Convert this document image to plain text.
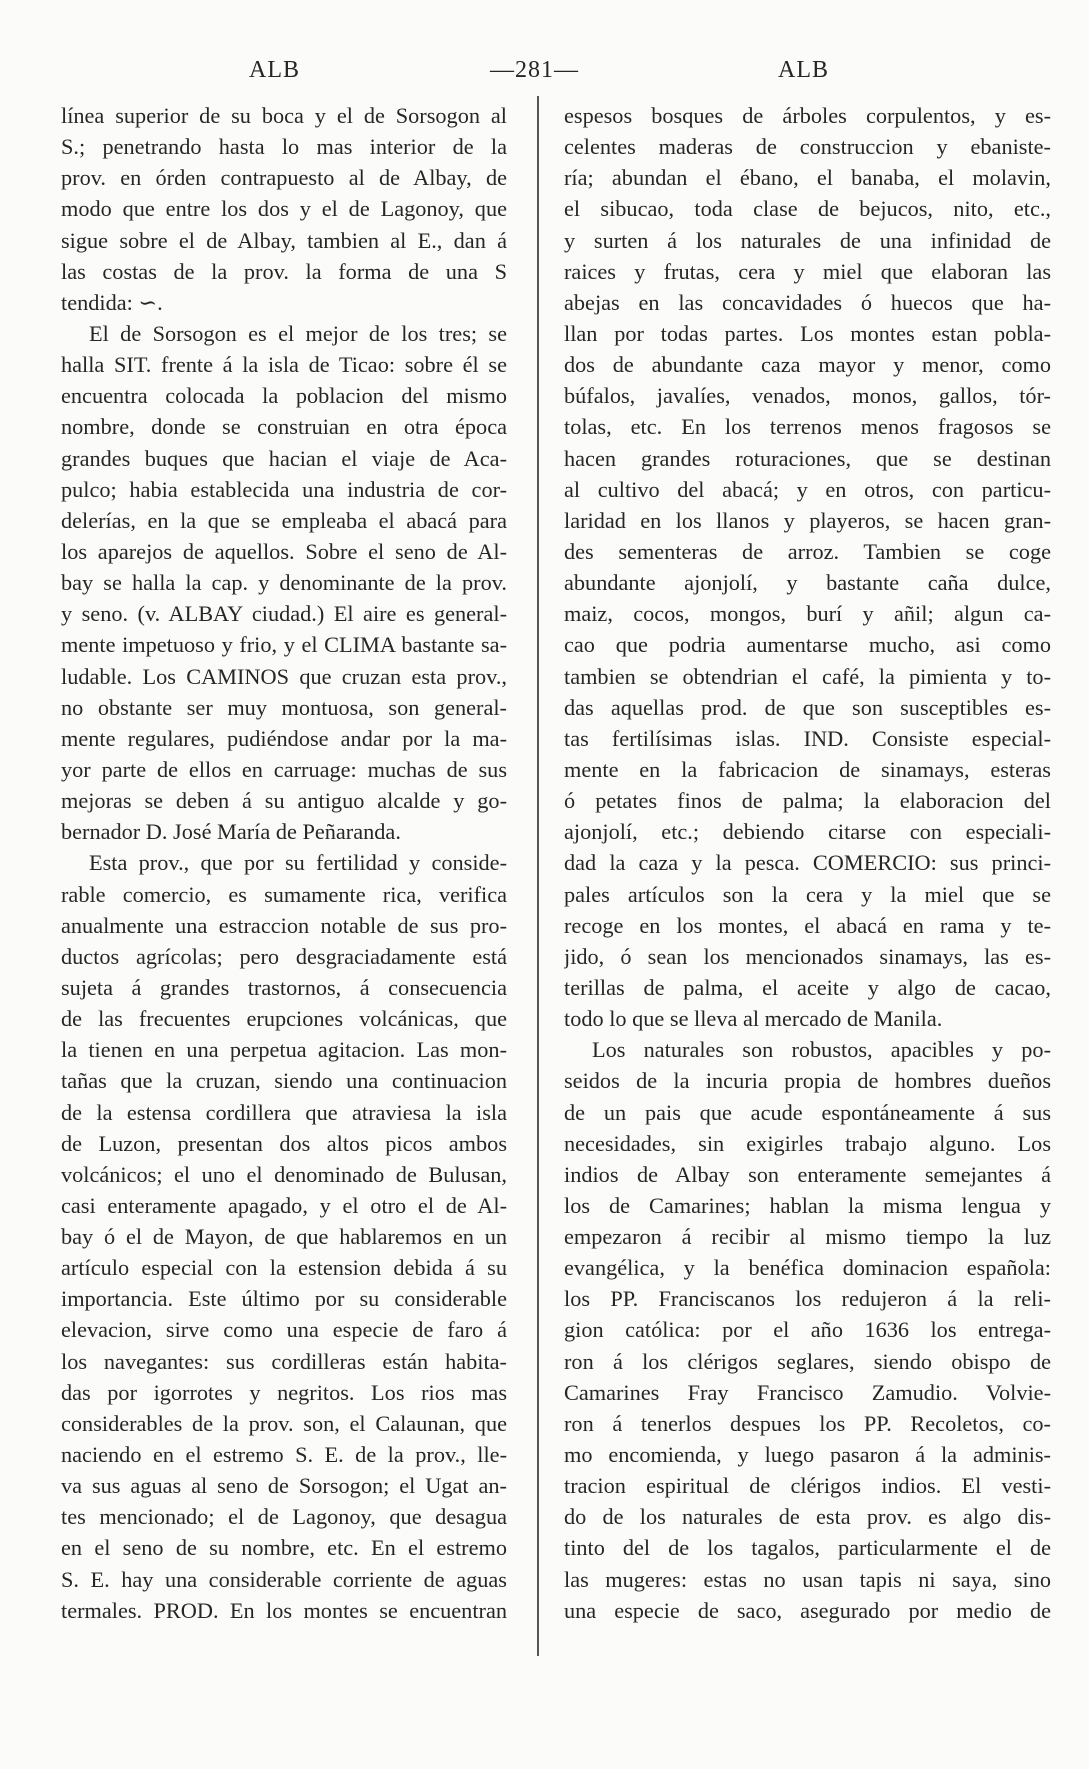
ALB	—281—	ALB
línea superior de su boca y el de Sorsogon al
S.; penetrando hasta lo mas interior de la
prov. en órden contrapuesto al de Albay, de
modo que entre los dos y el de Lagonoy, que
sigue sobre el de Albay, tambien al E., dan á
las costas de la prov. la forma de una S
tendida: ∽.
El de Sorsogon es el mejor de los tres; se
halla SIT. frente á la isla de Ticao: sobre él se
encuentra colocada la poblacion del mismo
nombre, donde se construian en otra época
grandes buques que hacian el viaje de Aca-
pulco; habia establecida una industria de cor-
delerías, en la que se empleaba el abacá para
los aparejos de aquellos. Sobre el seno de Al-
bay se halla la cap. y denominante de la prov.
y seno. (v. ALBAY ciudad.) El aire es general-
mente impetuoso y frio, y el CLIMA bastante sa-
ludable. Los CAMINOS que cruzan esta prov.,
no obstante ser muy montuosa, son general-
mente regulares, pudiéndose andar por la ma-
yor parte de ellos en carruage: muchas de sus
mejoras se deben á su antiguo alcalde y go-
bernador D. José María de Peñaranda.
Esta prov., que por su fertilidad y conside-
rable comercio, es sumamente rica, verifica
anualmente una estraccion notable de sus pro-
ductos agrícolas; pero desgraciadamente está
sujeta á grandes trastornos, á consecuencia
de las frecuentes erupciones volcánicas, que
la tienen en una perpetua agitacion. Las mon-
tañas que la cruzan, siendo una continuacion
de la estensa cordillera que atraviesa la isla
de Luzon, presentan dos altos picos ambos
volcánicos; el uno el denominado de Bulusan,
casi enteramente apagado, y el otro el de Al-
bay ó el de Mayon, de que hablaremos en un
artículo especial con la estension debida á su
importancia. Este último por su considerable
elevacion, sirve como una especie de faro á
los navegantes: sus cordilleras están habita-
das por igorrotes y negritos. Los rios mas
considerables de la prov. son, el Calaunan, que
naciendo en el estremo S. E. de la prov., lle-
va sus aguas al seno de Sorsogon; el Ugat an-
tes mencionado; el de Lagonoy, que desagua
en el seno de su nombre, etc. En el estremo
S. E. hay una considerable corriente de aguas
termales. PROD. En los montes se encuentran
espesos bosques de árboles corpulentos, y es-
celentes maderas de construccion y ebaniste-
ría; abundan el ébano, el banaba, el molavin,
el sibucao, toda clase de bejucos, nito, etc.,
y surten á los naturales de una infinidad de
raices y frutas, cera y miel que elaboran las
abejas en las concavidades ó huecos que ha-
llan por todas partes. Los montes estan pobla-
dos de abundante caza mayor y menor, como
búfalos, javalíes, venados, monos, gallos, tór-
tolas, etc. En los terrenos menos fragosos se
hacen grandes roturaciones, que se destinan
al cultivo del abacá; y en otros, con particu-
laridad en los llanos y playeros, se hacen gran-
des sementeras de arroz. Tambien se coge
abundante ajonjolí, y bastante caña dulce,
maiz, cocos, mongos, burí y añil; algun ca-
cao que podria aumentarse mucho, asi como
tambien se obtendrian el café, la pimienta y to-
das aquellas prod. de que son susceptibles es-
tas fertilísimas islas. IND. Consiste especial-
mente en la fabricacion de sinamays, esteras
ó petates finos de palma; la elaboracion del
ajonjolí, etc.; debiendo citarse con especiali-
dad la caza y la pesca. COMERCIO: sus princi-
pales artículos son la cera y la miel que se
recoge en los montes, el abacá en rama y te-
jido, ó sean los mencionados sinamays, las es-
terillas de palma, el aceite y algo de cacao,
todo lo que se lleva al mercado de Manila.
Los naturales son robustos, apacibles y po-
seidos de la incuria propia de hombres dueños
de un pais que acude espontáneamente á sus
necesidades, sin exigirles trabajo alguno. Los
indios de Albay son enteramente semejantes á
los de Camarines; hablan la misma lengua y
empezaron á recibir al mismo tiempo la luz
evangélica, y la benéfica dominacion española:
los PP. Franciscanos los redujeron á la reli-
gion católica: por el año 1636 los entrega-
ron á los clérigos seglares, siendo obispo de
Camarines Fray Francisco Zamudio. Volvie-
ron á tenerlos despues los PP. Recoletos, co-
mo encomienda, y luego pasaron á la adminis-
tracion espiritual de clérigos indios. El vesti-
do de los naturales de esta prov. es algo dis-
tinto del de los tagalos, particularmente el de
las mugeres: estas no usan tapis ni saya, sino
una especie de saco, asegurado por medio de
